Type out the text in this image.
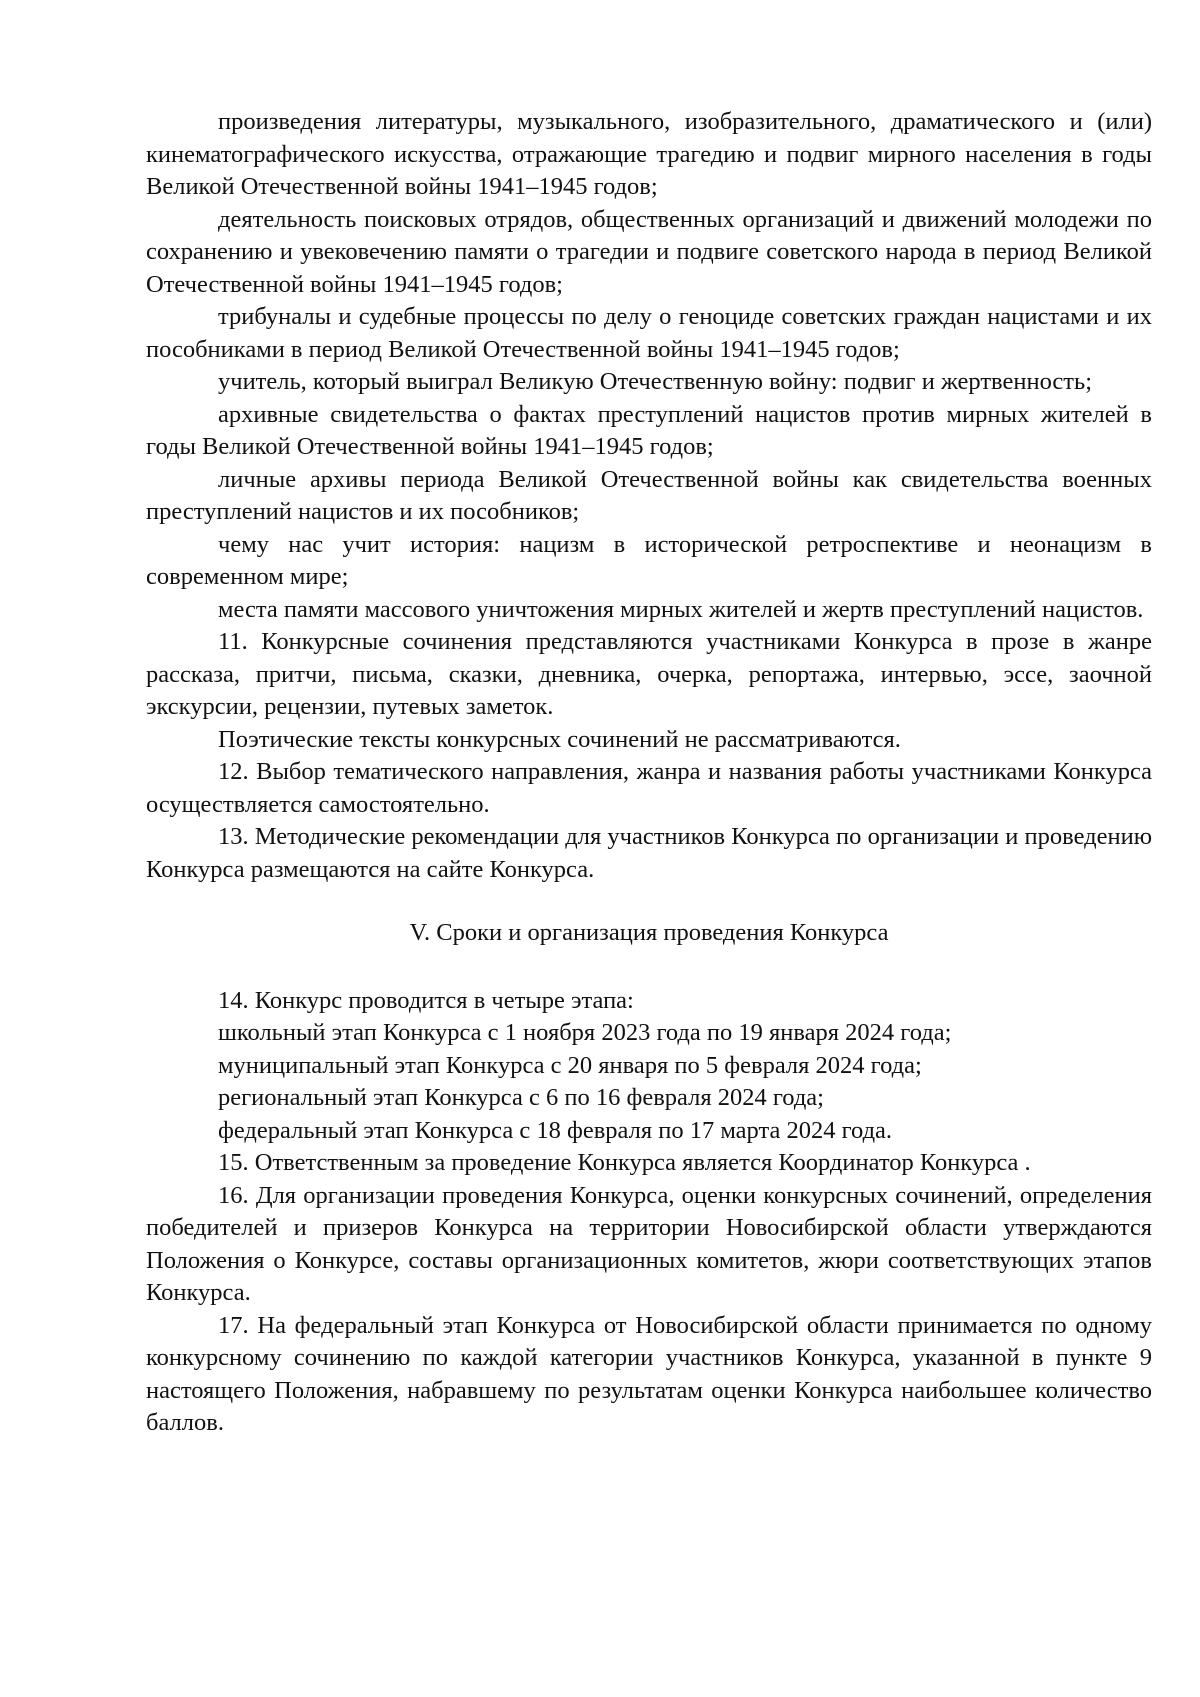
произведения литературы, музыкального, изобразительного, драматического и (или) кинематографического искусства, отражающие трагедию и подвиг мирного населения в годы Великой Отечественной войны 1941–1945 годов;

деятельность поисковых отрядов, общественных организаций и движений молодежи по сохранению и увековечению памяти о трагедии и подвиге советского народа в период Великой Отечественной войны 1941–1945 годов;

трибуналы и судебные процессы по делу о геноциде советских граждан нацистами и их пособниками в период Великой Отечественной войны 1941–1945 годов;

учитель, который выиграл Великую Отечественную войну: подвиг и жертвенность;

архивные свидетельства о фактах преступлений нацистов против мирных жителей в годы Великой Отечественной войны 1941–1945 годов;

личные архивы периода Великой Отечественной войны как свидетельства военных преступлений нацистов и их пособников;

чему нас учит история: нацизм в исторической ретроспективе и неонацизм в современном мире;

места памяти массового уничтожения мирных жителей и жертв преступлений нацистов.

11. Конкурсные сочинения представляются участниками Конкурса в прозе в жанре рассказа, притчи, письма, сказки, дневника, очерка, репортажа, интервью, эссе, заочной экскурсии, рецензии, путевых заметок.

Поэтические тексты конкурсных сочинений не рассматриваются.

12. Выбор тематического направления, жанра и названия работы участниками Конкурса осуществляется самостоятельно.

13. Методические рекомендации для участников Конкурса по организации и проведению Конкурса размещаются на сайте Конкурса.

V. Сроки и организация проведения Конкурса

14. Конкурс проводится в четыре этапа:

школьный этап Конкурса с 1 ноября 2023 года по 19 января 2024 года;

муниципальный этап Конкурса с 20 января по 5 февраля 2024 года;

региональный этап Конкурса с 6 по 16 февраля 2024 года;

федеральный этап Конкурса с 18 февраля по 17 марта 2024 года.

15. Ответственным за проведение Конкурса является Координатор Конкурса .

16. Для организации проведения Конкурса, оценки конкурсных сочинений, определения победителей и призеров Конкурса на территории Новосибирской области утверждаются Положения о Конкурсе, составы организационных комитетов, жюри соответствующих этапов Конкурса.

17. На федеральный этап Конкурса от Новосибирской области принимается по одному конкурсному сочинению по каждой категории участников Конкурса, указанной в пункте 9 настоящего Положения, набравшему по результатам оценки Конкурса наибольшее количество баллов.
